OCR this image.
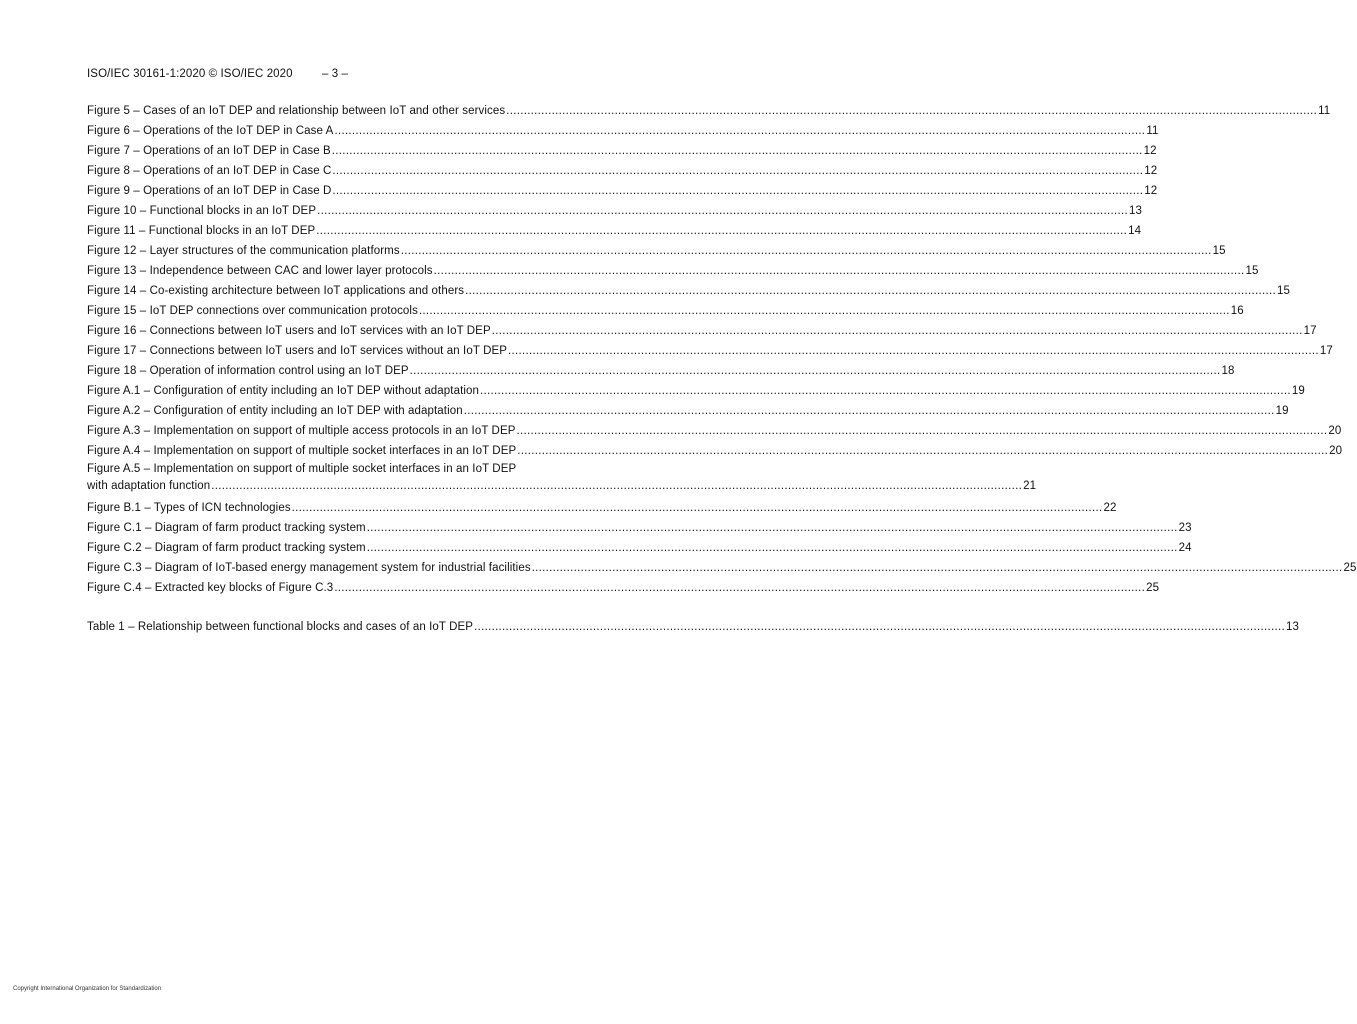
ISO/IEC 30161-1:2020 © ISO/IEC 2020	– 3 –
Figure 5 – Cases of an IoT DEP and relationship between IoT and other services .....	11
Figure 6 – Operations of the IoT DEP in Case A .....	11
Figure 7 – Operations of an IoT DEP in Case B .....	12
Figure 8 – Operations of an IoT DEP in Case C .....	12
Figure 9 – Operations of an IoT DEP in Case D .....	12
Figure 10 – Functional blocks in an IoT DEP .....	13
Figure 11 – Functional blocks in an IoT DEP .....	14
Figure 12 – Layer structures of the communication platforms .....	15
Figure 13 – Independence between CAC and lower layer protocols .....	15
Figure 14 – Co-existing architecture between IoT applications and others .....	15
Figure 15 – IoT DEP connections over communication protocols .....	16
Figure 16 – Connections between IoT users and IoT services with an IoT DEP .....	17
Figure 17 – Connections between IoT users and IoT services without an IoT DEP .....	17
Figure 18 – Operation of information control using an IoT DEP .....	18
Figure A.1 – Configuration of entity including an IoT DEP without adaptation .....	19
Figure A.2 – Configuration of entity including an IoT DEP with adaptation .....	19
Figure A.3 – Implementation on support of multiple access protocols in an IoT DEP .....	20
Figure A.4 – Implementation on support of multiple socket interfaces in an IoT DEP .....	20
Figure A.5 – Implementation on support of multiple socket interfaces in an IoT DEP
with adaptation function .....	21
Figure B.1 – Types of ICN technologies .....	22
Figure C.1 – Diagram of farm product tracking system .....	23
Figure C.2 – Diagram of farm product tracking system .....	24
Figure C.3 – Diagram of IoT-based energy management system for industrial facilities .....	25
Figure C.4 – Extracted key blocks of Figure C.3 .....	25
Table 1 – Relationship between functional blocks and cases of an IoT DEP .....	13
Copyright International Organization for Standardization
